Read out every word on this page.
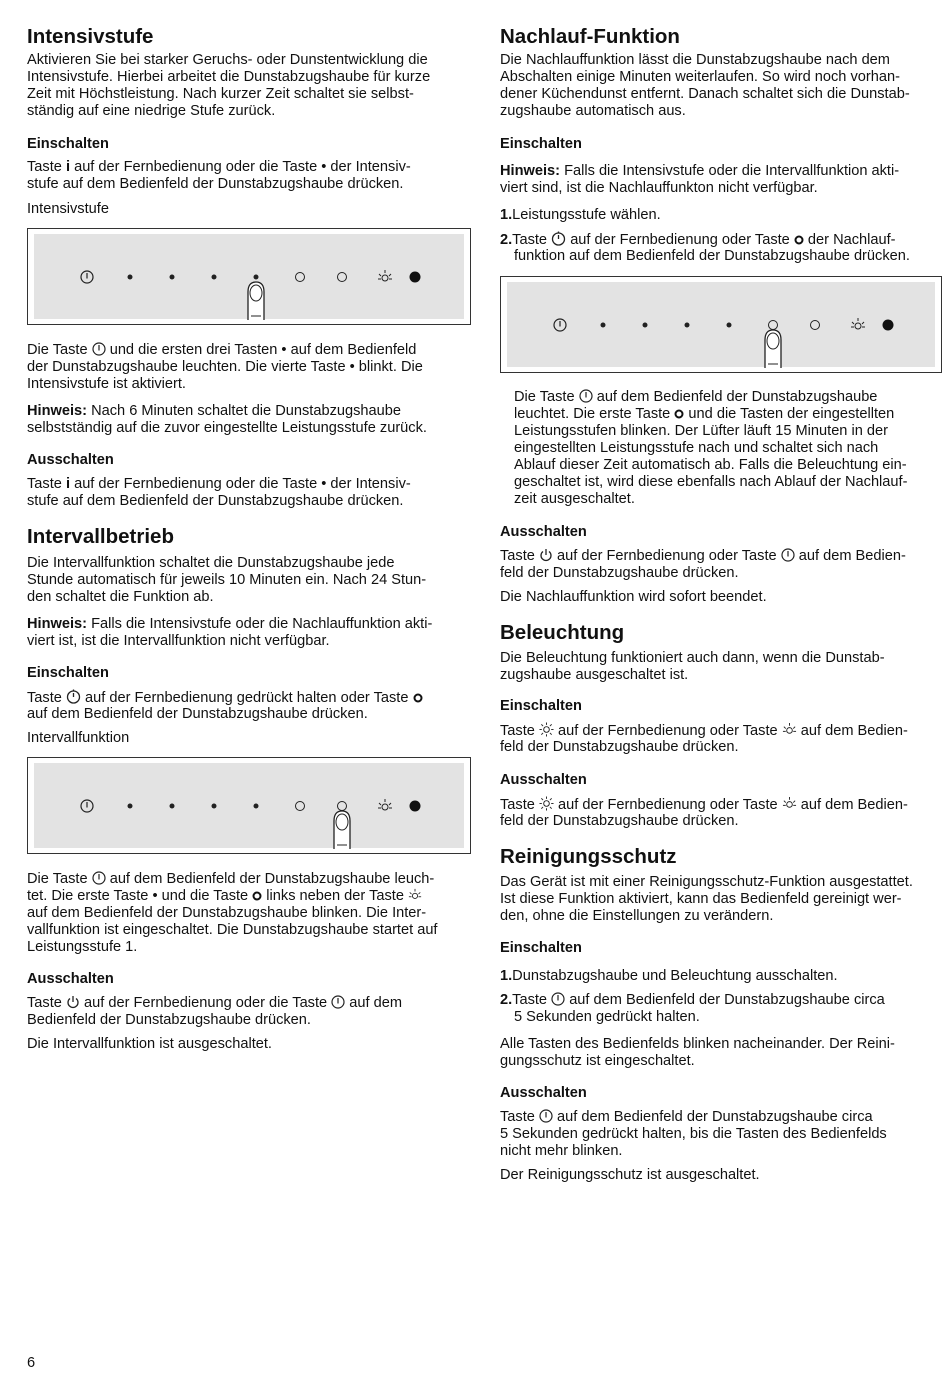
Intensivstufe

Aktivieren Sie bei starker Geruchs- oder Dunstentwicklung die

Intensivstufe. Hierbei arbeitet die Dunstabzugshaube für kurze

Zeit mit Höchstleistung. Nach kurzer Zeit schaltet sie selbst-

ständig auf eine niedrige Stufe zurück.

Einschalten

Taste i auf der Fernbedienung oder die Taste • der Intensiv-

stufe auf dem Bedienfeld der Dunstabzugshaube drücken.

Intensivstufe

Die Taste und die ersten drei Tasten • auf dem Bedienfeld

der Dunstabzugshaube leuchten. Die vierte Taste • blinkt. Die

Intensivstufe ist aktiviert.

Hinweis: Nach 6 Minuten schaltet die Dunstabzugshaube

selbstständig auf die zuvor eingestellte Leistungsstufe zurück.

Ausschalten

Taste i auf der Fernbedienung oder die Taste • der Intensiv-

stufe auf dem Bedienfeld der Dunstabzugshaube drücken.

Intervallbetrieb

Die Intervallfunktion schaltet die Dunstabzugshaube jede

Stunde automatisch für jeweils 10 Minuten ein. Nach 24 Stun-

den schaltet die Funktion ab.

Hinweis: Falls die Intensivstufe oder die Nachlauffunktion akti-

viert ist, ist die Intervallfunktion nicht verfügbar.

Einschalten

Taste auf der Fernbedienung gedrückt halten oder Taste

auf dem Bedienfeld der Dunstabzugshaube drücken.

Intervallfunktion

Die Taste auf dem Bedienfeld der Dunstabzugshaube leuch-

tet. Die erste Taste • und die Taste links neben der Taste

auf dem Bedienfeld der Dunstabzugshaube blinken. Die Inter-

vallfunktion ist eingeschaltet. Die Dunstabzugshaube startet auf

Leistungsstufe 1.

Ausschalten

Taste auf der Fernbedienung oder die Taste auf dem

Bedienfeld der Dunstabzugshaube drücken.

Die Intervallfunktion ist ausgeschaltet.

Nachlauf-Funktion

Die Nachlauffunktion lässt die Dunstabzugshaube nach dem

Abschalten einige Minuten weiterlaufen. So wird noch vorhan-

dener Küchendunst entfernt. Danach schaltet sich die Dunstab-

zugshaube automatisch aus.

Einschalten

Hinweis: Falls die Intensivstufe oder die Intervallfunktion akti-

viert sind, ist die Nachlauffunkton nicht verfügbar.

1.Leistungsstufe wählen.

2.Taste auf der Fernbedienung oder Taste der Nachlauf-

funktion auf dem Bedienfeld der Dunstabzugshaube drücken.

Die Taste auf dem Bedienfeld der Dunstabzugshaube

leuchtet. Die erste Taste und die Tasten der eingestellten

Leistungsstufen blinken. Der Lüfter läuft 15 Minuten in der

eingestellten Leistungsstufe nach und schaltet sich nach

Ablauf dieser Zeit automatisch ab. Falls die Beleuchtung ein-

geschaltet ist, wird diese ebenfalls nach Ablauf der Nachlauf-

zeit ausgeschaltet.

Ausschalten

Taste auf der Fernbedienung oder Taste auf dem Bedien-

feld der Dunstabzugshaube drücken.

Die Nachlauffunktion wird sofort beendet.

Beleuchtung

Die Beleuchtung funktioniert auch dann, wenn die Dunstab-

zugshaube ausgeschaltet ist.

Einschalten

Taste auf der Fernbedienung oder Taste auf dem Bedien-

feld der Dunstabzugshaube drücken.

Ausschalten

Taste auf der Fernbedienung oder Taste auf dem Bedien-

feld der Dunstabzugshaube drücken.

Reinigungsschutz

Das Gerät ist mit einer Reinigungsschutz-Funktion ausgestattet.

Ist diese Funktion aktiviert, kann das Bedienfeld gereinigt wer-

den, ohne die Einstellungen zu verändern.

Einschalten

1.Dunstabzugshaube und Beleuchtung ausschalten.

2.Taste auf dem Bedienfeld der Dunstabzugshaube circa

5 Sekunden gedrückt halten.

Alle Tasten des Bedienfelds blinken nacheinander. Der Reini-

gungsschutz ist eingeschaltet.

Ausschalten

Taste auf dem Bedienfeld der Dunstabzugshaube circa

5 Sekunden gedrückt halten, bis die Tasten des Bedienfelds

nicht mehr blinken.

Der Reinigungsschutz ist ausgeschaltet.

6
